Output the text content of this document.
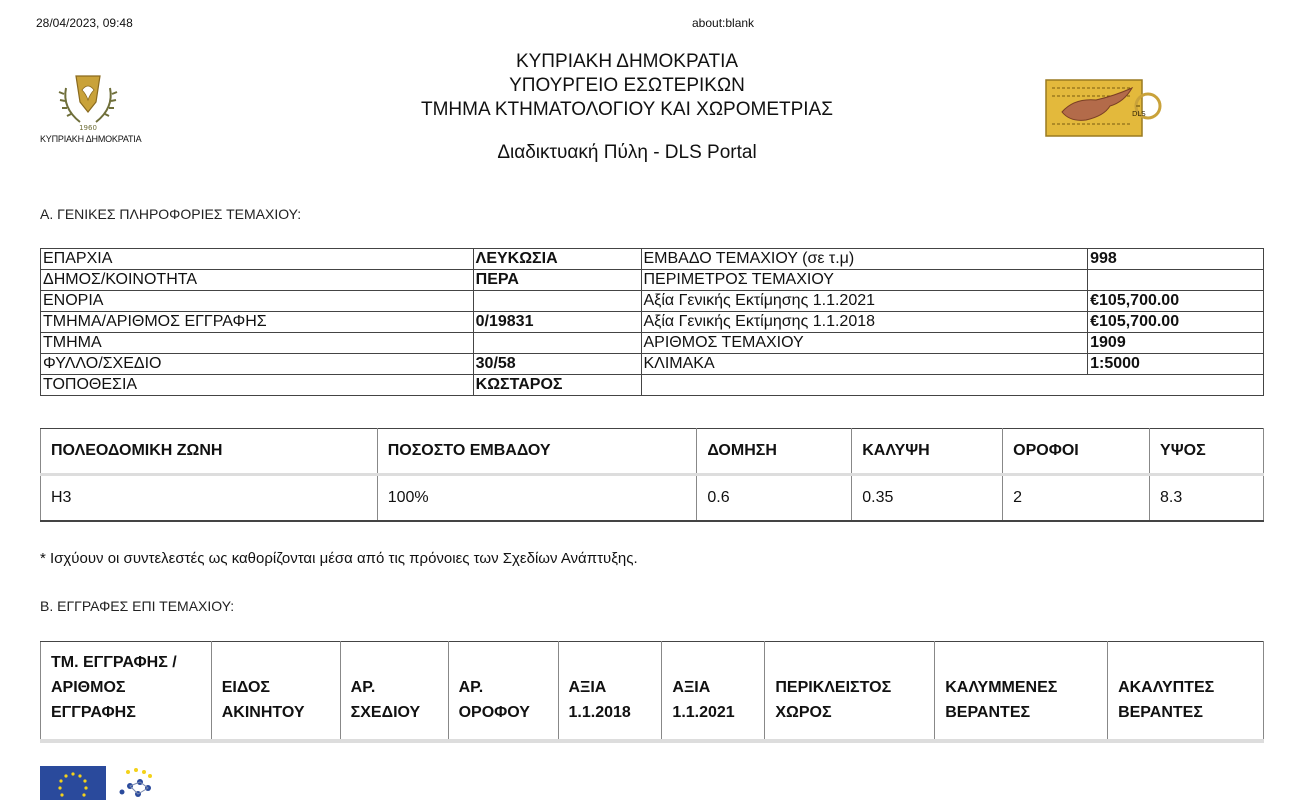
28/04/2023, 09:48	about:blank
1960
ΚΥΠΡΙΑΚΗ ΔΗΜΟΚΡΑΤΙΑ
ΚΥΠΡΙΑΚΗ ΔΗΜΟΚΡΑΤΙΑ
ΥΠΟΥΡΓΕΙΟ ΕΣΩΤΕΡΙΚΩΝ
ΤΜΗΜΑ ΚΤΗΜΑΤΟΛΟΓΙΟΥ ΚΑΙ ΧΩΡΟΜΕΤΡΙΑΣ
Διαδικτυακή Πύλη - DLS Portal
DLS
Α. ΓΕΝΙΚΕΣ ΠΛΗΡΟΦΟΡΙΕΣ ΤΕΜΑΧΙΟΥ:
ΕΠΑΡΧΙΑ	ΛΕΥΚΩΣΙΑ	ΕΜΒΑΔΟ ΤΕΜΑΧΙΟΥ (σε τ.μ)	998
ΔΗΜΟΣ/ΚΟΙΝΟΤΗΤΑ	ΠΕΡΑ	ΠΕΡΙΜΕΤΡΟΣ ΤΕΜΑΧΙΟΥ	
ΕΝΟΡΙΑ		Αξία Γενικής Εκτίμησης 1.1.2021	€105,700.00
ΤΜΗΜΑ/ΑΡΙΘΜΟΣ ΕΓΓΡΑΦΗΣ	0/19831	Αξία Γενικής Εκτίμησης 1.1.2018	€105,700.00
ΤΜΗΜΑ		ΑΡΙΘΜΟΣ ΤΕΜΑΧΙΟΥ	1909
ΦΥΛΛΟ/ΣΧΕΔΙΟ	30/58	ΚΛΙΜΑΚΑ	1:5000
ΤΟΠΟΘΕΣΙΑ	ΚΩΣΤΑΡΟΣ		
ΠΟΛΕΟΔΟΜΙΚΗ ΖΩΝΗ	ΠΟΣΟΣΤΟ ΕΜΒΑΔΟΥ	ΔΟΜΗΣΗ	ΚΑΛΥΨΗ	ΟΡΟΦΟΙ	ΥΨΟΣ
Η3	100%	0.6	0.35	2	8.3
* Ισχύουν οι συντελεστές ως καθορίζονται μέσα από τις πρόνοιες των Σχεδίων Ανάπτυξης.
Β. ΕΓΓΡΑΦΕΣ ΕΠΙ ΤΕΜΑΧΙΟΥ:
ΤΜ. ΕΓΓΡΑΦΗΣ /
ΑΡΙΘΜΟΣ
ΕΓΓΡΑΦΗΣ

ΕΙΔΟΣ
ΑΚΙΝΗΤΟΥ

ΑΡ.
ΣΧΕΔΙΟΥ

ΑΡ.
ΟΡΟΦΟΥ

ΑΞΙΑ
1.1.2018

ΑΞΙΑ
1.1.2021

ΠΕΡΙΚΛΕΙΣΤΟΣ
ΧΩΡΟΣ

ΚΑΛΥΜΜΕΝΕΣ
ΒΕΡΑΝΤΕΣ

ΑΚΑΛΥΠΤΕΣ
ΒΕΡΑΝΤΕΣ
